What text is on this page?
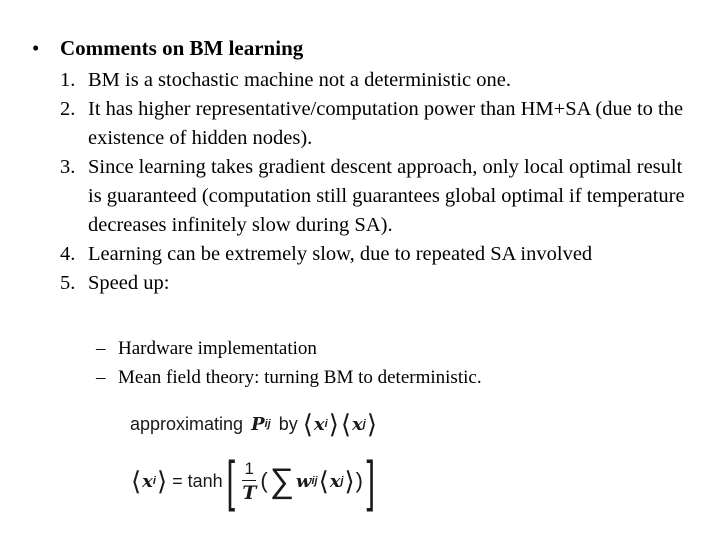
• Comments on BM learning
1. BM is a stochastic machine not a deterministic one.
2. It has higher representative/computation power than HM+SA (due to the existence of hidden nodes).
3. Since learning takes gradient descent approach, only local optimal result is guaranteed (computation still guarantees global optimal if temperature decreases infinitely slow during SA).
4. Learning can be extremely slow, due to repeated SA involved
5. Speed up:
– Hardware implementation
– Mean field theory: turning BM to deterministic.
approximating P ij by ⟨ x i ⟩ ⟨ x j ⟩
⟨ x i ⟩ = tanh [ $\frac{1}{T}$ ( ∑ w ij ⟨ x j ⟩ ) ]
